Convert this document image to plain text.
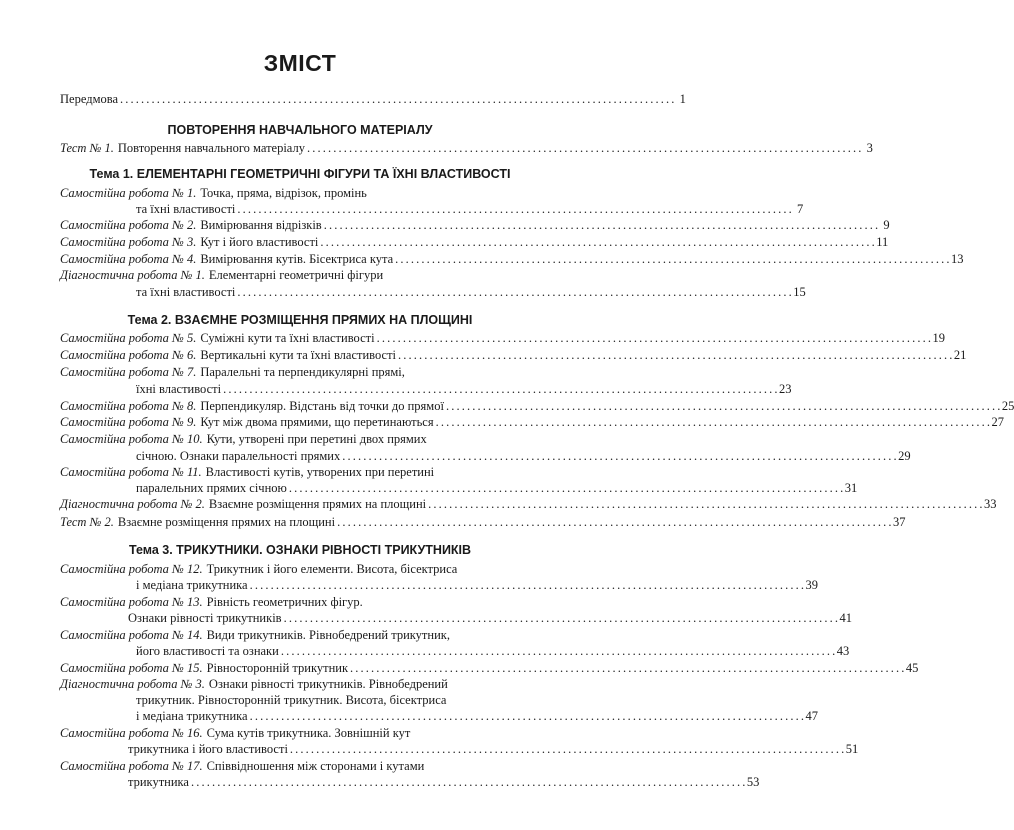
ЗМІСТ
Передмова . . .	1
ПОВТОРЕННЯ НАВЧАЛЬНОГО МАТЕРІАЛУ
Тест № 1. Повторення навчального матеріалу . . .	3
Тема 1. ЕЛЕМЕНТАРНІ ГЕОМЕТРИЧНІ ФІГУРИ ТА ЇХНІ ВЛАСТИВОСТІ
Самостійна робота № 1. Точка, пряма, відрізок, промінь
та їхні властивості . . .	7
Самостійна робота № 2. Вимірювання відрізків . . .	9
Самостійна робота № 3. Кут і його властивості . . .	11
Самостійна робота № 4. Вимірювання кутів. Бісектриса кута . . .	13
Діагностична робота № 1. Елементарні геометричні фігури
та їхні властивості . . .	15
Тема 2. ВЗАЄМНЕ РОЗМІЩЕННЯ ПРЯМИХ НА ПЛОЩИНІ
Самостійна робота № 5. Суміжні кути та їхні властивості . . .	19
Самостійна робота № 6. Вертикальні кути та їхні властивості . . .	21
Самостійна робота № 7. Паралельні та перпендикулярні прямі,
їхні властивості . . .	23
Самостійна робота № 8. Перпендикуляр. Відстань від точки до прямої . . .	25
Самостійна робота № 9. Кут між двома прямими, що перетинаються . . .	27
Самостійна робота № 10. Кути, утворені при перетині двох прямих
січною. Ознаки паралельності прямих . . .	29
Самостійна робота № 11. Властивості кутів, утворених при перетині
паралельних прямих січною . . .	31
Діагностична робота № 2. Взаємне розміщення прямих на площині . . .	33
Тест № 2. Взаємне розміщення прямих на площині . . .	37
Тема 3. ТРИКУТНИКИ. ОЗНАКИ РІВНОСТІ ТРИКУТНИКІВ
Самостійна робота № 12. Трикутник і його елементи. Висота, бісектриса
і медіана трикутника . . .	39
Самостійна робота № 13. Рівність геометричних фігур.
Ознаки рівності трикутників . . .	41
Самостійна робота № 14. Види трикутників. Рівнобедрений трикутник,
його властивості та ознаки . . .	43
Самостійна робота № 15. Рівносторонній трикутник . . .	45
Діагностична робота № 3. Ознаки рівності трикутників. Рівнобедрений
трикутник. Рівносторонній трикутник. Висота, бісектриса
і медіана трикутника . . .	47
Самостійна робота № 16. Сума кутів трикутника. Зовнішній кут
трикутника і його властивості . . .	51
Самостійна робота № 17. Співвідношення між сторонами і кутами
трикутника . . .	53
